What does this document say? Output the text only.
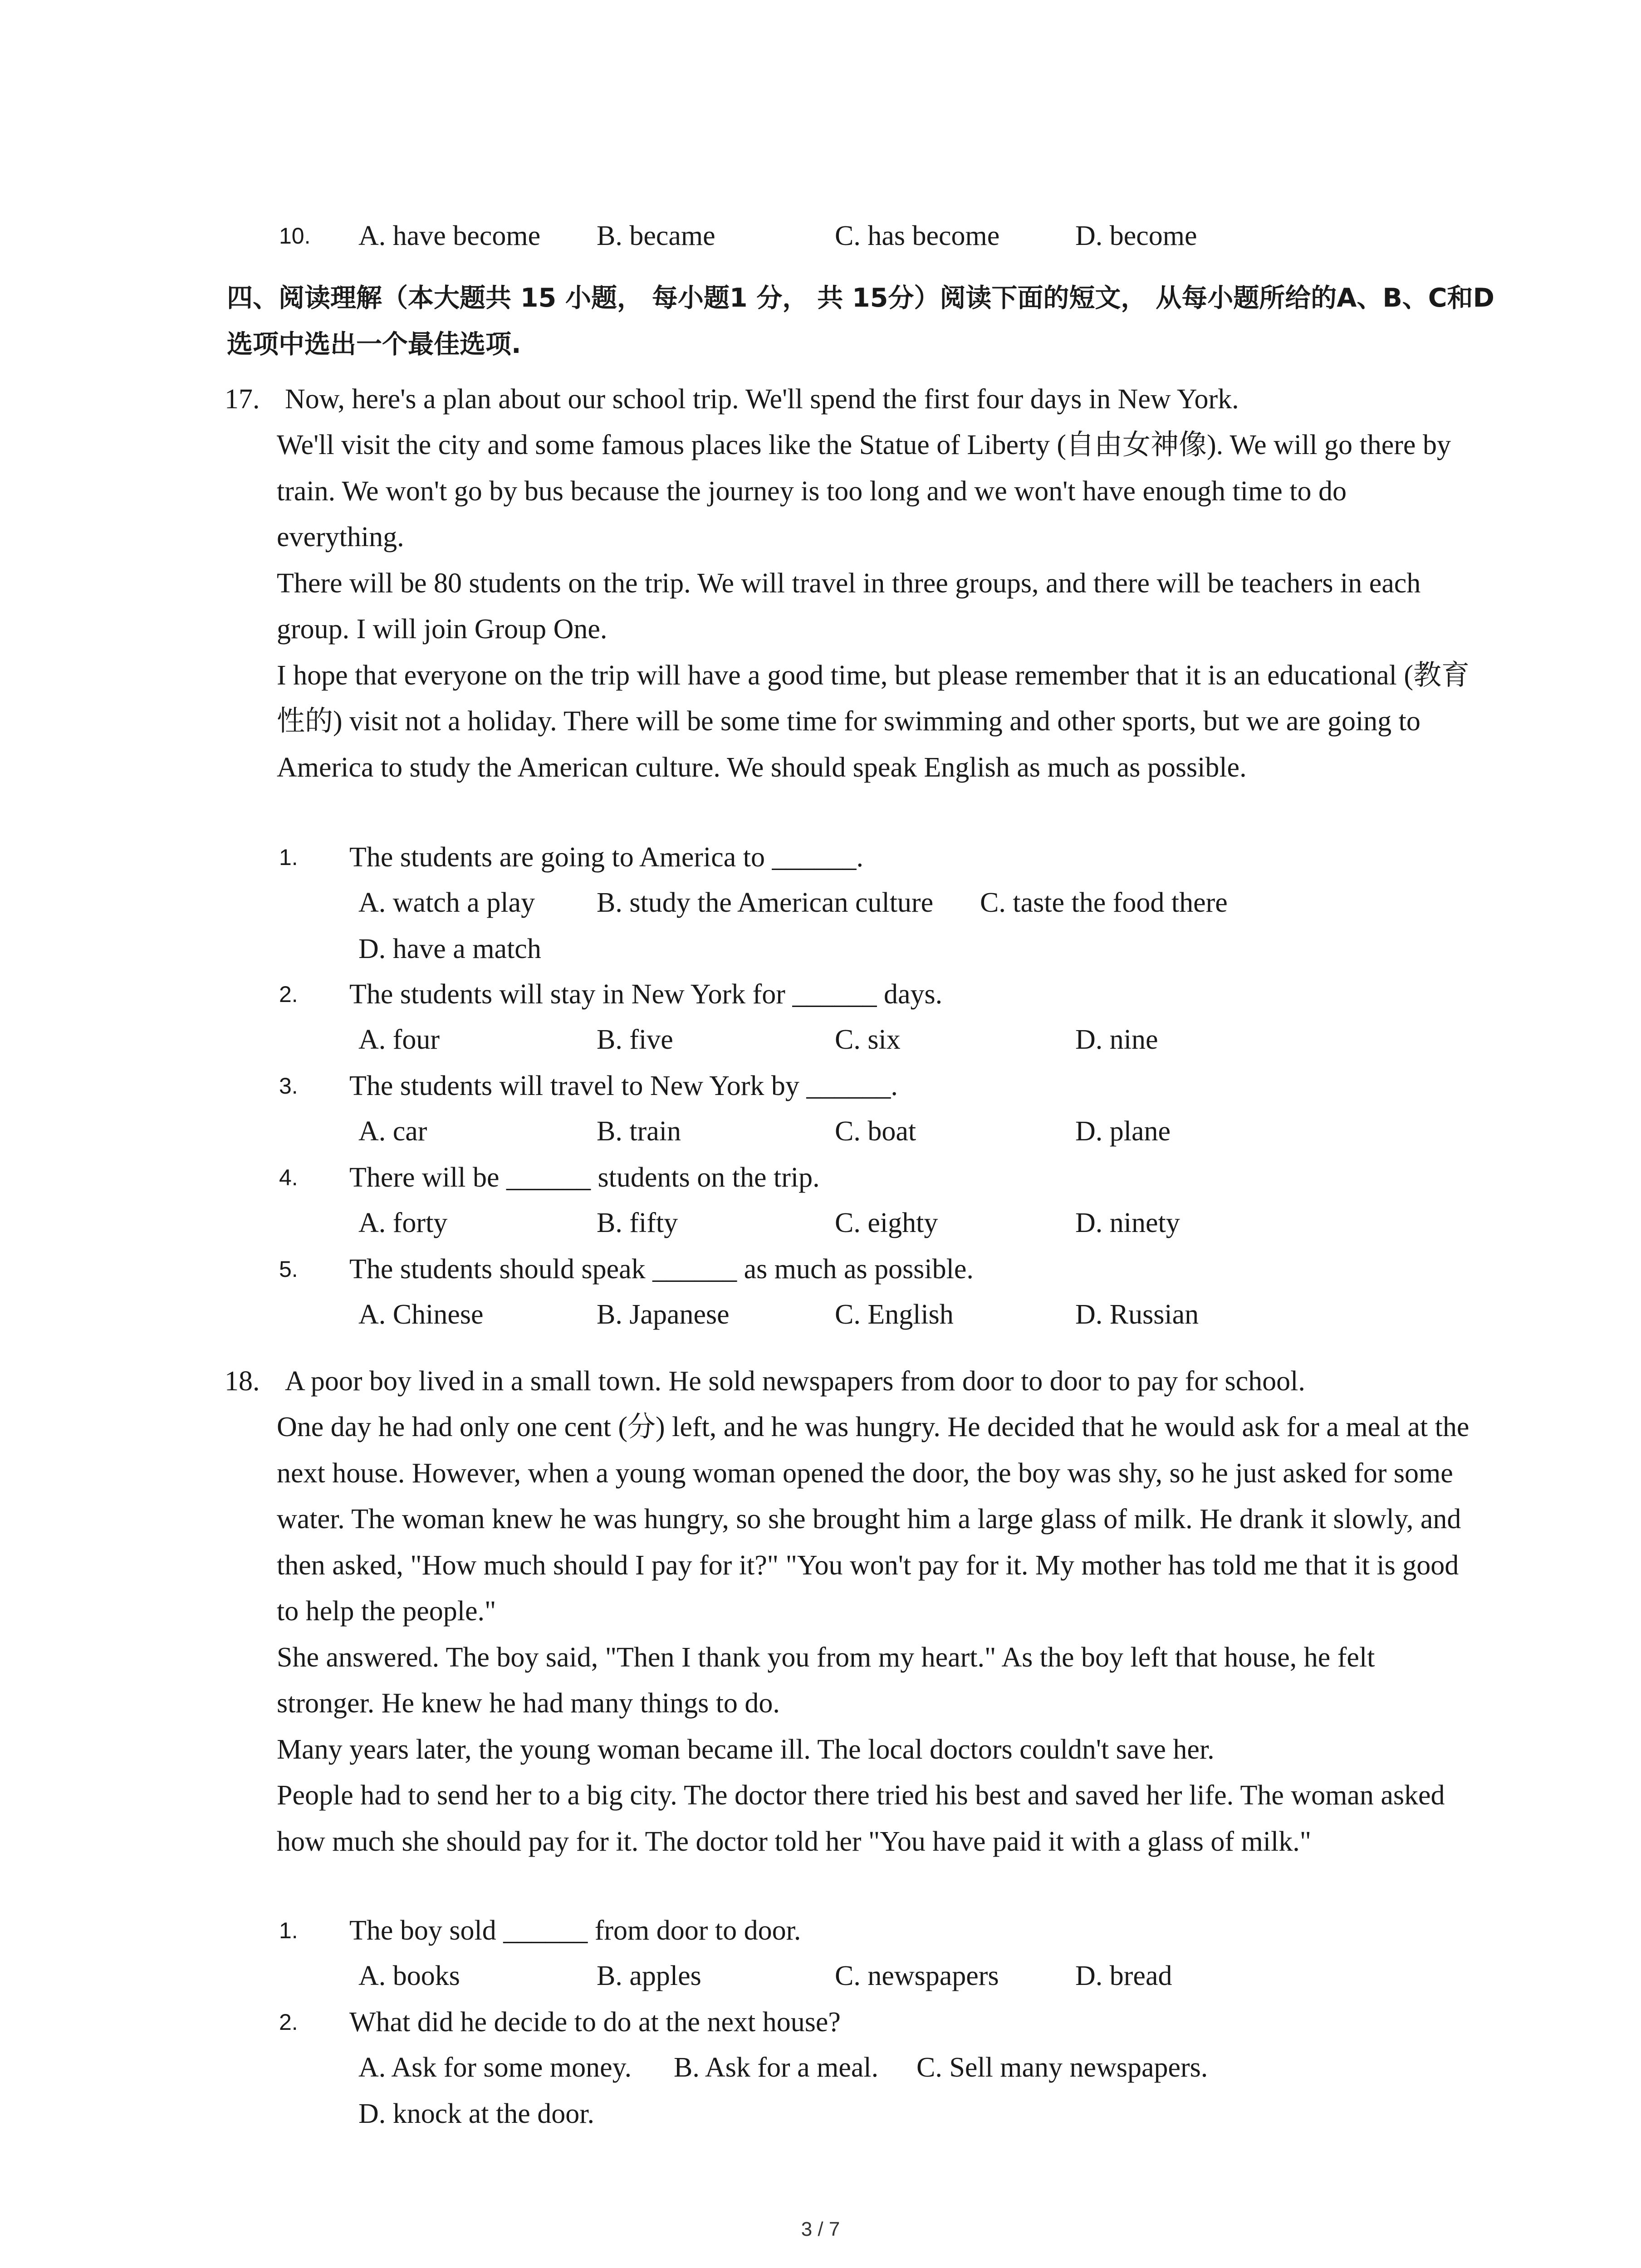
10. A. have become B. became	C. has become	D. become
四、阅读理解（本大题共 15 小题， 每小题1 分， 共 15分）阅读下面的短文， 从每小题所给的A、B、C和D选项中选出一个最佳选项.
17. Now, here's a plan about our school trip. We'll spend the first four days in New York.

We'll visit the city and some famous places like the Statue of Liberty (自由女神像). We will go there by train. We won't go by bus because the journey is too long and we won't have enough time to do everything.

There will be 80 students on the trip. We will travel in three groups, and there will be teachers in each group. I will join Group One.

I hope that everyone on the trip will have a good time, but please remember that it is an educational (教育性的) visit not a holiday. There will be some time for swimming and other sports, but we are going to America to study the American culture. We should speak English as much as possible.

1. The students are going to America to ______.
A. watch a play B. study the American culture C. taste the food there
D. have a match
2. The students will stay in New York for ______ days.
A. four	B. five	C. six	D. nine
3. The students will travel to New York by ______.
A. car	B. train	C. boat	D. plane
4. There will be ______ students on the trip.
A. forty	B. fifty	C. eighty	D. ninety
5. The students should speak ______ as much as possible.
A. Chinese	B. Japanese	C. English	D. Russian
18. A poor boy lived in a small town. He sold newspapers from door to door to pay for school.

One day he had only one cent (分) left, and he was hungry. He decided that he would ask for a meal at the next house. However, when a young woman opened the door, the boy was shy, so he just asked for some water. The woman knew he was hungry, so she brought him a large glass of milk. He drank it slowly, and then asked, "How much should I pay for it?" "You won't pay for it. My mother has told me that it is good to help the people."

She answered. The boy said, "Then I thank you from my heart." As the boy left that house, he felt stronger. He knew he had many things to do.

Many years later, the young woman became ill. The local doctors couldn't save her.

People had to send her to a big city. The doctor there tried his best and saved her life. The woman asked how much she should pay for it. The doctor told her "You have paid it with a glass of milk."

1. The boy sold ______ from door to door.
A. books	B. apples	C. newspapers	D. bread
2. What did he decide to do at the next house?
A. Ask for some money. B. Ask for a meal. C. Sell many newspapers.
D. knock at the door.
3 / 7
